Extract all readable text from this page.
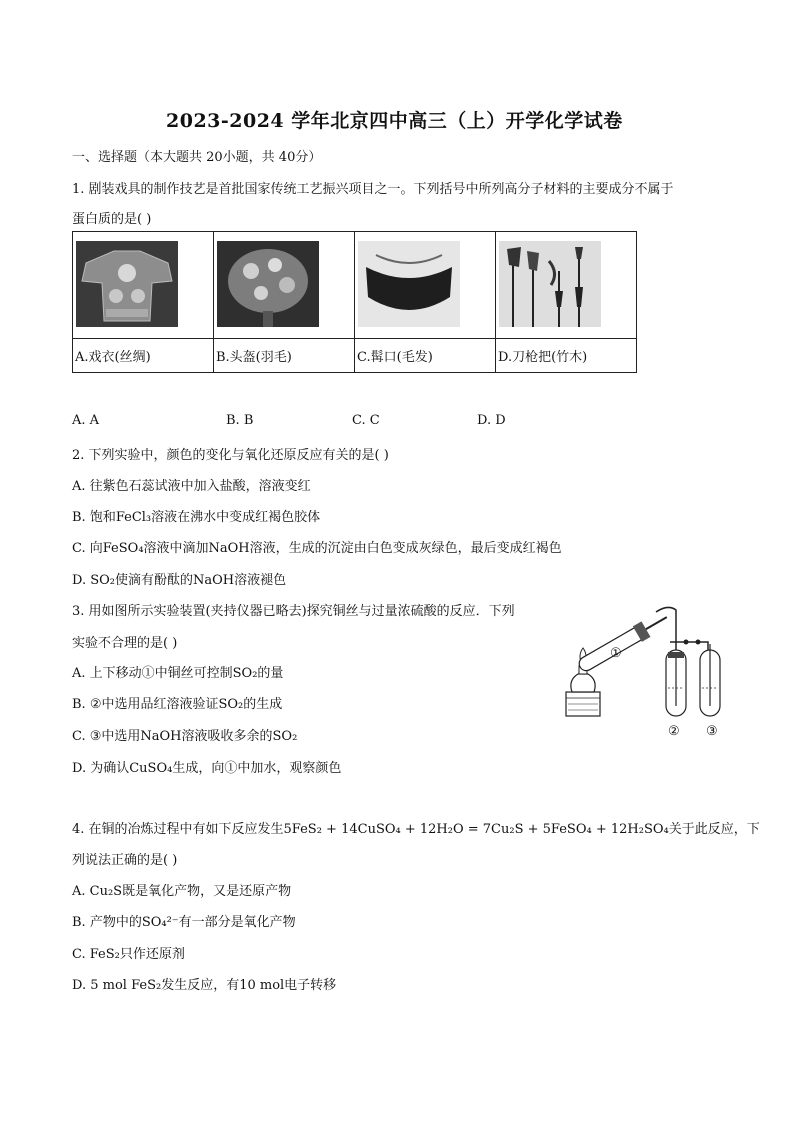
2023-2024 学年北京四中高三（上）开学化学试卷
一、选择题（本大题共 20小题，共 40分）
1. 剧装戏具的制作技艺是首批国家传统工艺振兴项目之一。下列括号中所列高分子材料的主要成分不属于
蛋白质的是( )

A.戏衣(丝绸)	B.头盔(羽毛)	C.髯口(毛发)	D.刀枪把(竹木)
A. A	B. B	C. C	D. D
2. 下列实验中，颜色的变化与氧化还原反应有关的是( )
A. 往紫色石蕊试液中加入盐酸，溶液变红
B. 饱和FeCl₃溶液在沸水中变成红褐色胶体
C. 向FeSO₄溶液中滴加NaOH溶液，生成的沉淀由白色变成灰绿色，最后变成红褐色
D. SO₂使滴有酚酞的NaOH溶液褪色
3. 用如图所示实验装置(夹持仪器已略去)探究铜丝与过量浓硫酸的反应．下列
实验不合理的是( )
A. 上下移动①中铜丝可控制SO₂的量
B. ②中选用品红溶液验证SO₂的生成
C. ③中选用NaOH溶液吸收多余的SO₂
D. 为确认CuSO₄生成，向①中加水，观察颜色
①
② ③
4. 在铜的冶炼过程中有如下反应发生5FeS₂ + 14CuSO₄ + 12H₂O = 7Cu₂S + 5FeSO₄ + 12H₂SO₄关于此反应，下
列说法正确的是( )
A. Cu₂S既是氧化产物，又是还原产物
B. 产物中的SO₄²⁻有一部分是氧化产物
C. FeS₂只作还原剂
D. 5 mol FeS₂发生反应，有10 mol电子转移
